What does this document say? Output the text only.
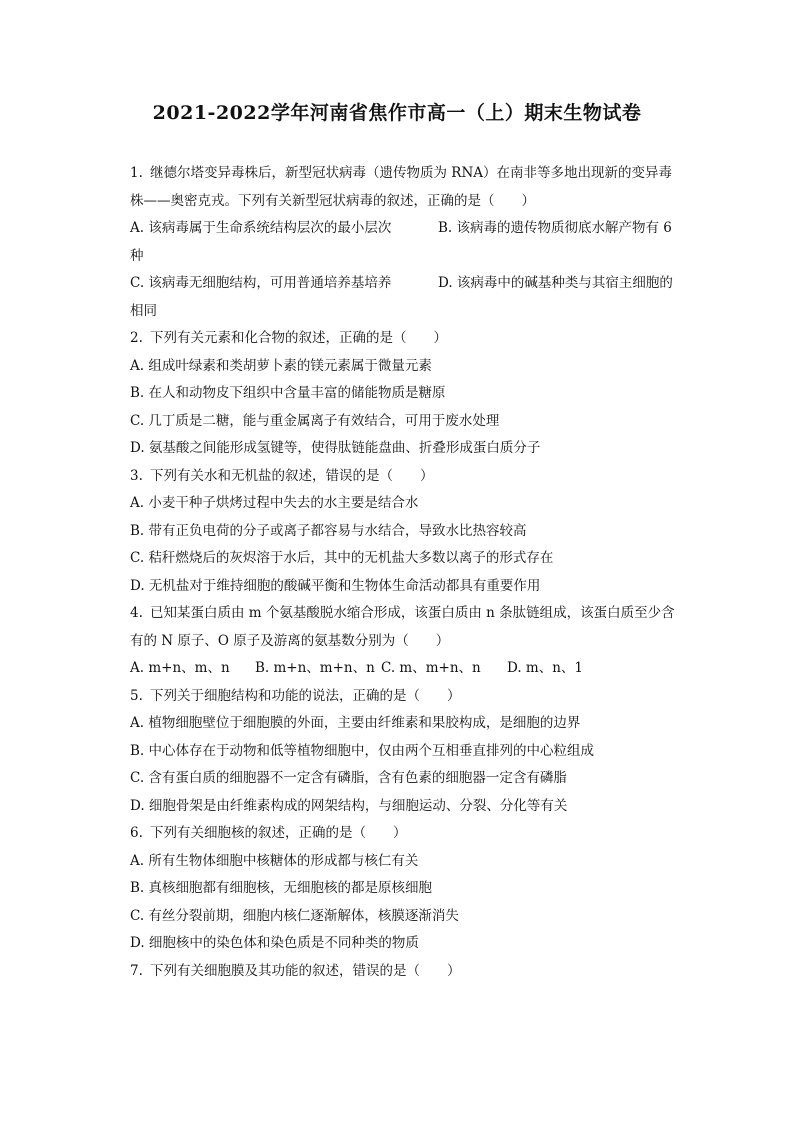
2021-2022学年河南省焦作市高一（上）期末生物试卷
1. 继德尔塔变异毒株后，新型冠状病毒（遗传物质为 RNA）在南非等多地出现新的变异毒
株——奥密克戎。下列有关新型冠状病毒的叙述，正确的是（　　）
A. 该病毒属于生命系统结构层次的最小层次	B. 该病毒的遗传物质彻底水解产物有 6
种
C. 该病毒无细胞结构，可用普通培养基培养	D. 该病毒中的碱基种类与其宿主细胞的
相同
2. 下列有关元素和化合物的叙述，正确的是（　　）
A. 组成叶绿素和类胡萝卜素的镁元素属于微量元素
B. 在人和动物皮下组织中含量丰富的储能物质是糖原
C. 几丁质是二糖，能与重金属离子有效结合，可用于废水处理
D. 氨基酸之间能形成氢键等，使得肽链能盘曲、折叠形成蛋白质分子
3. 下列有关水和无机盐的叙述，错误的是（　　）
A. 小麦干种子烘烤过程中失去的水主要是结合水
B. 带有正负电荷的分子或离子都容易与水结合，导致水比热容较高
C. 秸秆燃烧后的灰烬溶于水后，其中的无机盐大多数以离子的形式存在
D. 无机盐对于维持细胞的酸碱平衡和生物体生命活动都具有重要作用
4. 已知某蛋白质由 m 个氨基酸脱水缩合形成，该蛋白质由 n 条肽链组成，该蛋白质至少含
有的 N 原子、O 原子及游离的氨基数分别为（　　）
A. m+n、m、n B. m+n、m+n、n C. m、m+n、n D. m、n、1
5. 下列关于细胞结构和功能的说法，正确的是（　　）
A. 植物细胞壁位于细胞膜的外面，主要由纤维素和果胶构成，是细胞的边界
B. 中心体存在于动物和低等植物细胞中，仅由两个互相垂直排列的中心粒组成
C. 含有蛋白质的细胞器不一定含有磷脂，含有色素的细胞器一定含有磷脂
D. 细胞骨架是由纤维素构成的网架结构，与细胞运动、分裂、分化等有关
6. 下列有关细胞核的叙述，正确的是（　　）
A. 所有生物体细胞中核糖体的形成都与核仁有关
B. 真核细胞都有细胞核，无细胞核的都是原核细胞
C. 有丝分裂前期，细胞内核仁逐渐解体，核膜逐渐消失
D. 细胞核中的染色体和染色质是不同种类的物质
7. 下列有关细胞膜及其功能的叙述，错误的是（　　）
